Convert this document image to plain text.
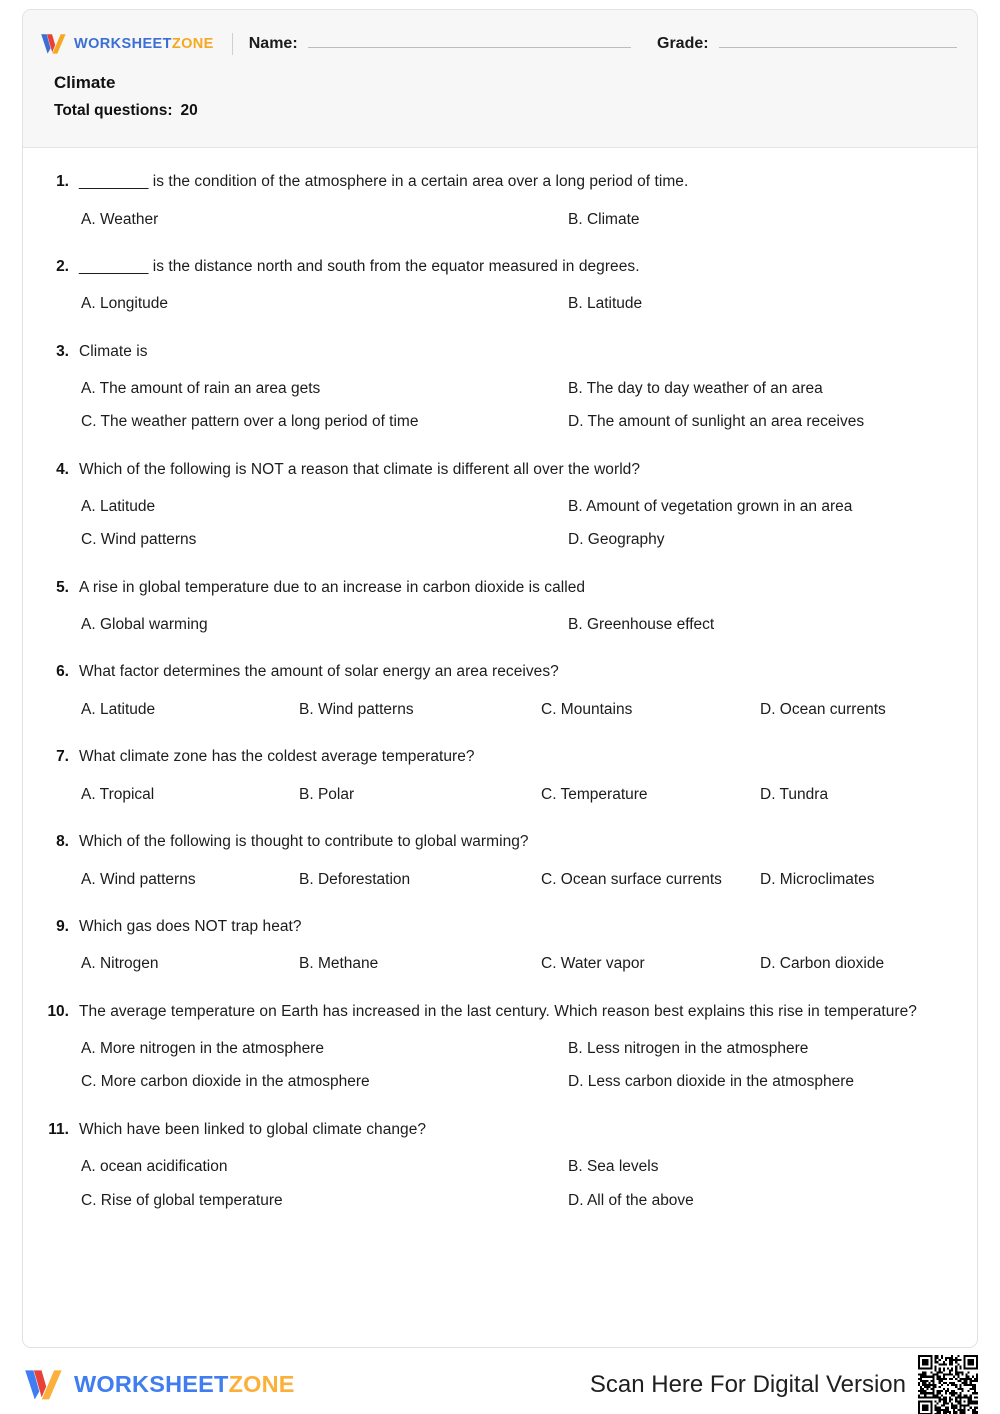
WORKSHEETZONE Name:	Grade:
Climate
Total questions: 20
1. ________ is the condition of the atmosphere in a certain area over a long period of time.
A. Weather	B. Climate
2. ________ is the distance north and south from the equator measured in degrees.
A. Longitude	B. Latitude
3. Climate is
A. The amount of rain an area gets	B. The day to day weather of an area
C. The weather pattern over a long period of time	D. The amount of sunlight an area receives
4. Which of the following is NOT a reason that climate is different all over the world?
A. Latitude	B. Amount of vegetation grown in an area
C. Wind patterns	D. Geography
5. A rise in global temperature due to an increase in carbon dioxide is called
A. Global warming	B. Greenhouse effect
6. What factor determines the amount of solar energy an area receives?
A. Latitude	B. Wind patterns	C. Mountains	D. Ocean currents
7. What climate zone has the coldest average temperature?
A. Tropical	B. Polar	C. Temperature	D. Tundra
8. Which of the following is thought to contribute to global warming?
A. Wind patterns	B. Deforestation	C. Ocean surface currents	D. Microclimates
9. Which gas does NOT trap heat?
A. Nitrogen	B. Methane	C. Water vapor	D. Carbon dioxide
10. The average temperature on Earth has increased in the last century. Which reason best explains this rise in temperature?
A. More nitrogen in the atmosphere	B. Less nitrogen in the atmosphere
C. More carbon dioxide in the atmosphere	D. Less carbon dioxide in the atmosphere
11. Which have been linked to global climate change?
A. ocean acidification	B. Sea levels
C. Rise of global temperature	D. All of the above
WORKSHEETZONE	Scan Here For Digital Version
